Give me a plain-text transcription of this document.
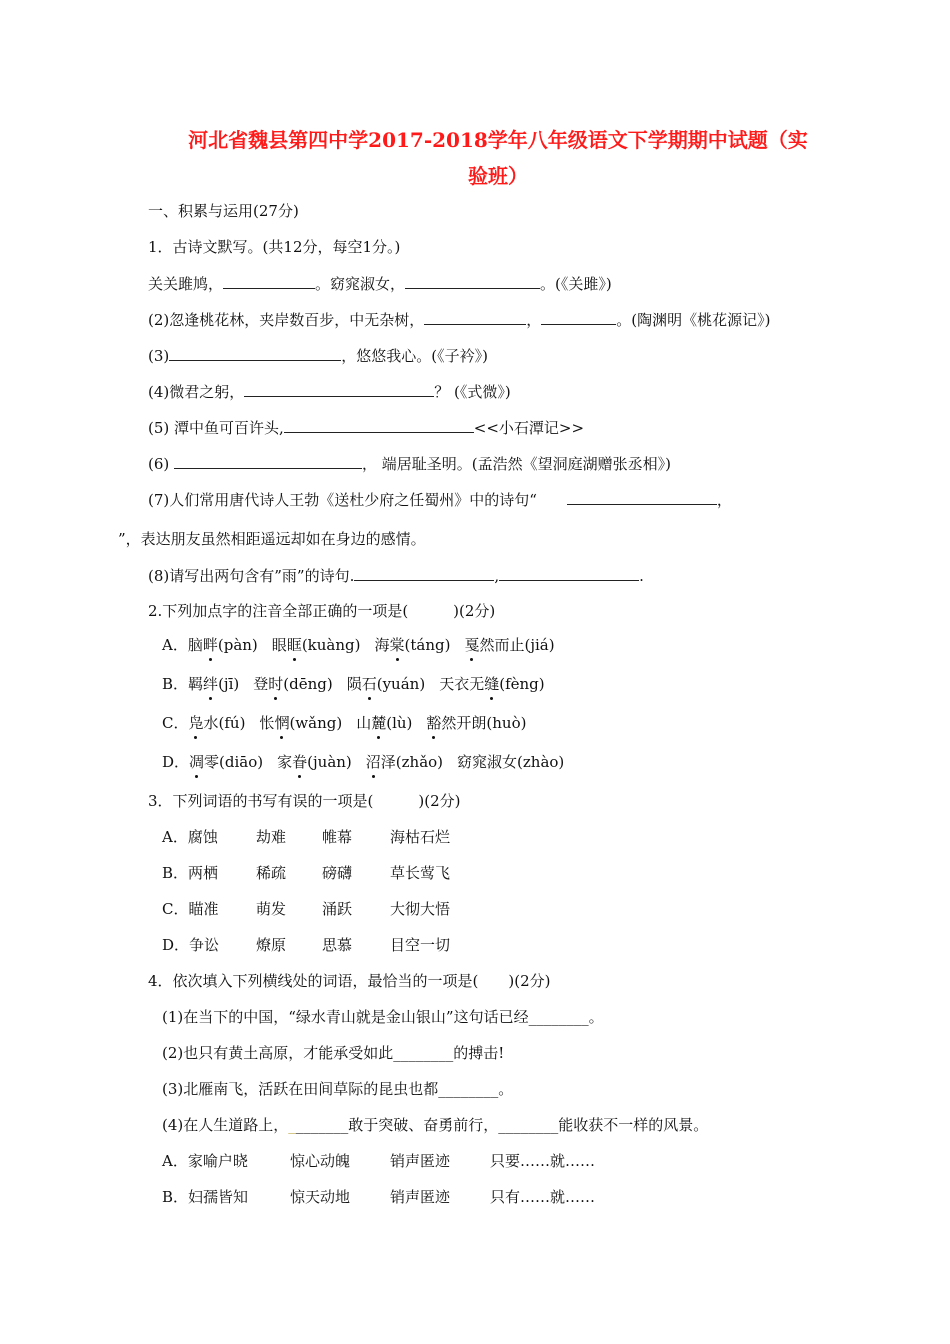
河北省魏县第四中学2017-2018学年八年级语文下学期期中试题（实
验班）
一、积累与运用(27分)
1．古诗文默写。(共12分，每空1分。)
关关雎鸠，	。窈窕淑女，	。(《关雎》)
(2)忽逢桃花林，夹岸数百步，中无杂树，	，	。(陶渊明《桃花源记》)
(3)	，悠悠我心。(《子衿》)
(4)微君之躬，	？ (《式微》)
(5) 潭中鱼可百许头,	<<小石潭记>>
(6)	， 端居耻圣明。(孟浩然《望洞庭湖赠张丞相》)
(7)人们常用唐代诗人王勃《送杜少府之任蜀州》中的诗句“	，
”，表达朋友虽然相距遥远却如在身边的感情。
(8)请写出两句含有”雨”的诗句.	,	.
2.下列加点字的注音全部正确的一项是(　　　)(2分)
A．脑畔(pàn) 眼眶(kuàng) 海棠(táng) 戛然而止(jiá)
B．羁绊(jī) 登时(dēng) 陨石(yuán) 天衣无缝(fèng)
C．凫水(fú) 怅惘(wǎng) 山麓(lù) 豁然开朗(huò)
D．凋零(diāo) 家眷(juàn) 沼泽(zhǎo) 窈窕淑女(zhào)
3．下列词语的书写有误的一项是(　　　)(2分)
A．腐蚀	劫难 帷幕	海枯石烂
B．两栖	稀疏 磅礴	草长莺飞
C．瞄准	萌发 涌跃	大彻大悟
D．争讼 燎原 思慕	目空一切
4．依次填入下列横线处的词语，最恰当的一项是(　　)(2分)
(1)在当下的中国，“绿水青山就是金山银山”这句话已经________。
(2)也只有黄土高原，才能承受如此________的搏击!
(3)北雁南飞，活跃在田间草际的昆虫也都________。
(4)在人生道路上，________敢于突破、奋勇前行，________能收获不一样的风景。
A．家喻户晓	惊心动魄	销声匿迹	只要……就……
B．妇孺皆知	惊天动地	销声匿迹	只有……就……
